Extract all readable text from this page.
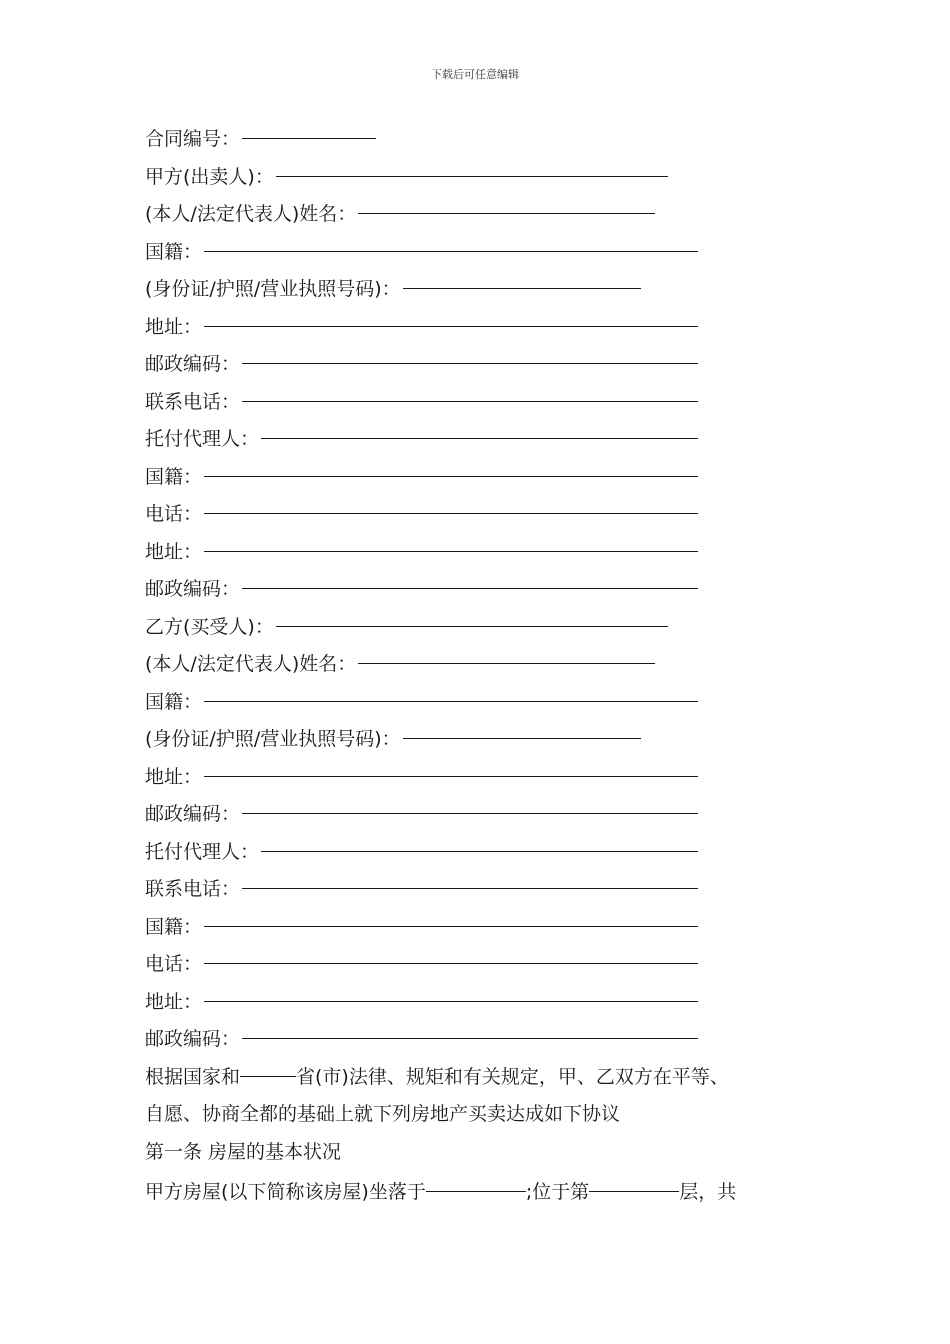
下载后可任意编辑
合同编号：
甲方(出卖人)：
(本人/法定代表人)姓名：
国籍：
(身份证/护照/营业执照号码)：
地址：
邮政编码：
联系电话：
托付代理人：
国籍：
电话：
地址：
邮政编码：
乙方(买受人)：
(本人/法定代表人)姓名：
国籍：
(身份证/护照/营业执照号码)：
地址：
邮政编码：
托付代理人：
联系电话：
国籍：
电话：
地址：
邮政编码：
根据国家和	省(市)法律、规矩和有关规定，甲、乙双方在平等、
自愿、协商全都的基础上就下列房地产买卖达成如下协议
第一条 房屋的基本状况
甲方房屋(以下简称该房屋)坐落于	;位于第	层，共
